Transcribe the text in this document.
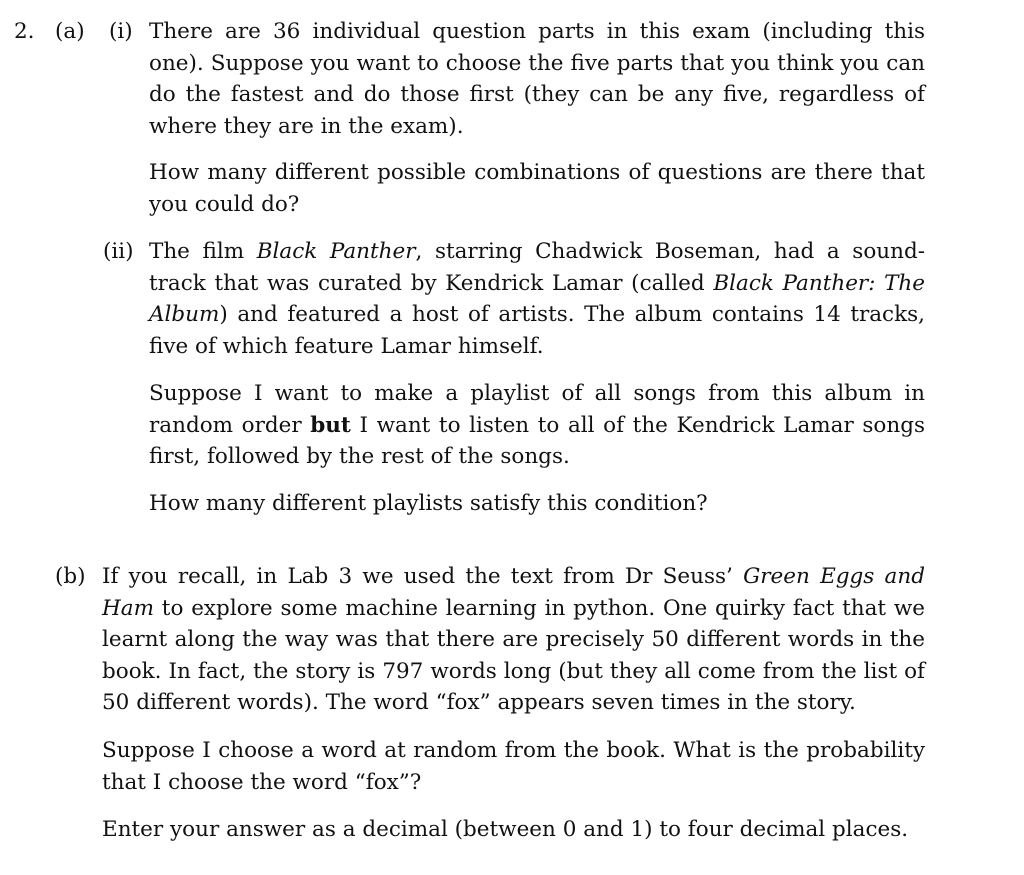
2. (a) (i) There are 36 individual question parts in this exam (including this one). Suppose you want to choose the five parts that you think you can do the fastest and do those first (they can be any five, regardless of where they are in the exam).

How many different possible combinations of questions are there that you could do?

(ii) The film Black Panther, starring Chadwick Boseman, had a sound-track that was curated by Kendrick Lamar (called Black Panther: The Album) and featured a host of artists. The album contains 14 tracks, five of which feature Lamar himself.

Suppose I want to make a playlist of all songs from this album in random order but I want to listen to all of the Kendrick Lamar songs first, followed by the rest of the songs.

How many different playlists satisfy this condition?

(b) If you recall, in Lab 3 we used the text from Dr Seuss’ Green Eggs and Ham to explore some machine learning in python. One quirky fact that we learnt along the way was that there are precisely 50 different words in the book. In fact, the story is 797 words long (but they all come from the list of 50 different words). The word “fox” appears seven times in the story.

Suppose I choose a word at random from the book. What is the probability that I choose the word “fox”?

Enter your answer as a decimal (between 0 and 1) to four decimal places.
